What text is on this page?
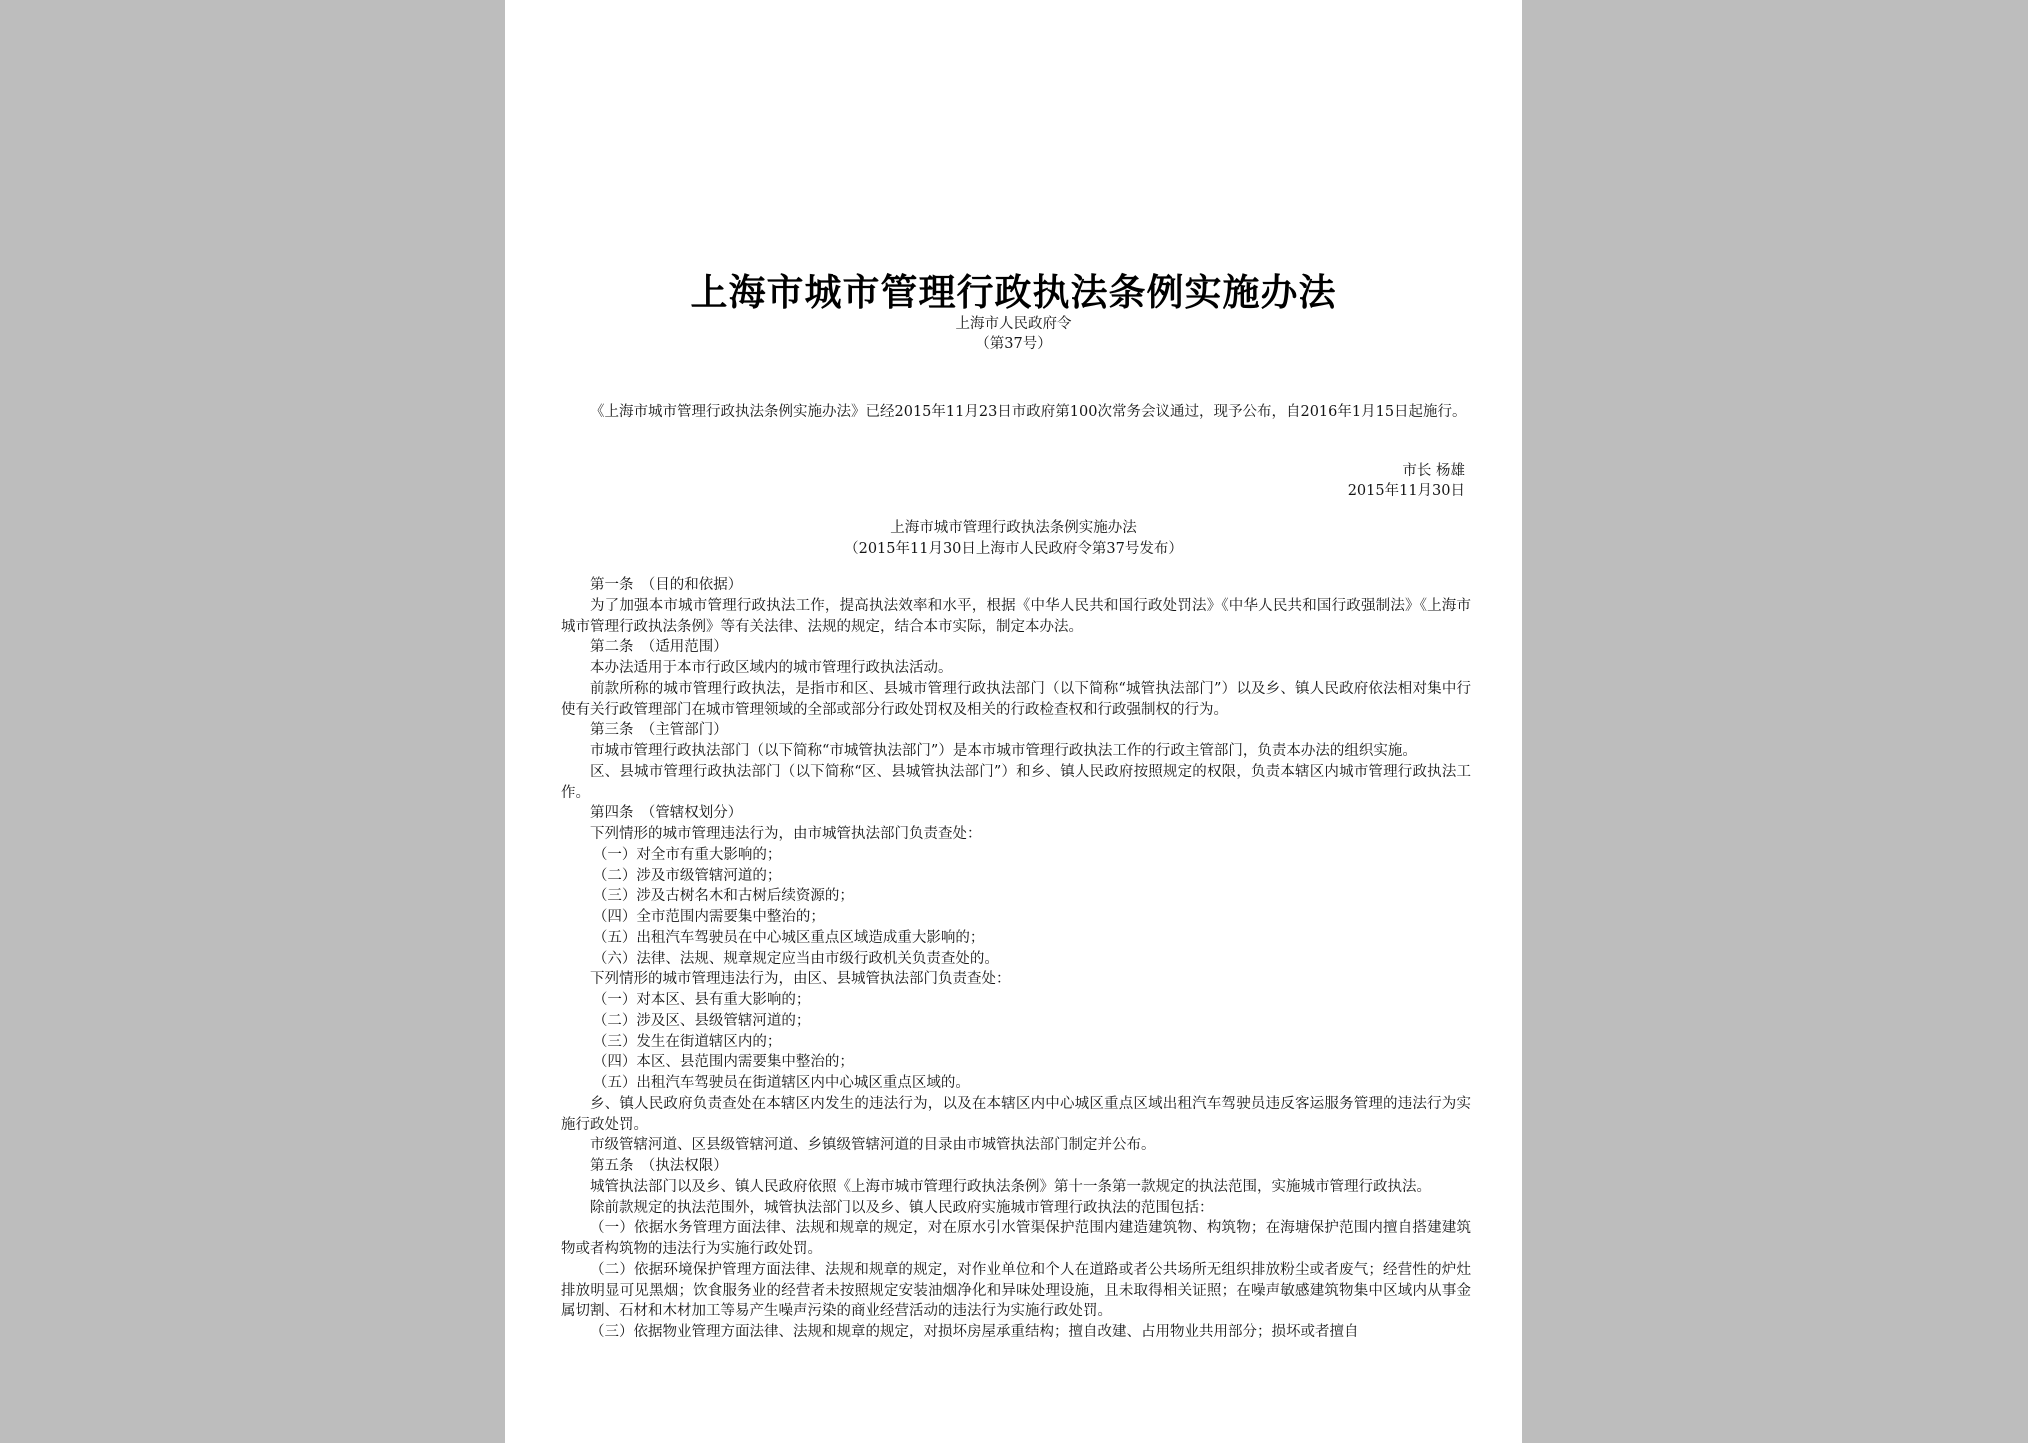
上海市城市管理行政执法条例实施办法
上海市人民政府令
（第37号）

《上海市城市管理行政执法条例实施办法》已经2015年11月23日市政府第100次常务会议通过，现予公布，自2016年1月15日起施行。

市长 杨雄
2015年11月30日
上海市城市管理行政执法条例实施办法
（2015年11月30日上海市人民政府令第37号发布）
第一条　（目的和依据）
为了加强本市城市管理行政执法工作，提高执法效率和水平，根据《中华人民共和国行政处罚法》《中华人民共和国行政强制法》《上海市城市管理行政执法条例》等有关法律、法规的规定，结合本市实际，制定本办法。
第二条　（适用范围）
本办法适用于本市行政区域内的城市管理行政执法活动。
前款所称的城市管理行政执法，是指市和区、县城市管理行政执法部门（以下简称“城管执法部门”）以及乡、镇人民政府依法相对集中行使有关行政管理部门在城市管理领域的全部或部分行政处罚权及相关的行政检查权和行政强制权的行为。
第三条　（主管部门）
市城市管理行政执法部门（以下简称“市城管执法部门”）是本市城市管理行政执法工作的行政主管部门，负责本办法的组织实施。
区、县城市管理行政执法部门（以下简称“区、县城管执法部门”）和乡、镇人民政府按照规定的权限，负责本辖区内城市管理行政执法工作。
第四条　（管辖权划分）
下列情形的城市管理违法行为，由市城管执法部门负责查处：
（一）对全市有重大影响的；
（二）涉及市级管辖河道的；
（三）涉及古树名木和古树后续资源的；
（四）全市范围内需要集中整治的；
（五）出租汽车驾驶员在中心城区重点区域造成重大影响的；
（六）法律、法规、规章规定应当由市级行政机关负责查处的。
下列情形的城市管理违法行为，由区、县城管执法部门负责查处：
（一）对本区、县有重大影响的；
（二）涉及区、县级管辖河道的；
（三）发生在街道辖区内的；
（四）本区、县范围内需要集中整治的；
（五）出租汽车驾驶员在街道辖区内中心城区重点区域的。
乡、镇人民政府负责查处在本辖区内发生的违法行为，以及在本辖区内中心城区重点区域出租汽车驾驶员违反客运服务管理的违法行为实施行政处罚。
市级管辖河道、区县级管辖河道、乡镇级管辖河道的目录由市城管执法部门制定并公布。
第五条　（执法权限）
城管执法部门以及乡、镇人民政府依照《上海市城市管理行政执法条例》第十一条第一款规定的执法范围，实施城市管理行政执法。
除前款规定的执法范围外，城管执法部门以及乡、镇人民政府实施城市管理行政执法的范围包括：
（一）依据水务管理方面法律、法规和规章的规定，对在原水引水管渠保护范围内建造建筑物、构筑物；在海塘保护范围内擅自搭建建筑物或者构筑物的违法行为实施行政处罚。
（二）依据环境保护管理方面法律、法规和规章的规定，对作业单位和个人在道路或者公共场所无组织排放粉尘或者废气；经营性的炉灶排放明显可见黑烟；饮食服务业的经营者未按照规定安装油烟净化和异味处理设施，且未取得相关证照；在噪声敏感建筑物集中区域内从事金属切割、石材和木材加工等易产生噪声污染的商业经营活动的违法行为实施行政处罚。
（三）依据物业管理方面法律、法规和规章的规定，对损坏房屋承重结构；擅自改建、占用物业共用部分；损坏或者擅自
